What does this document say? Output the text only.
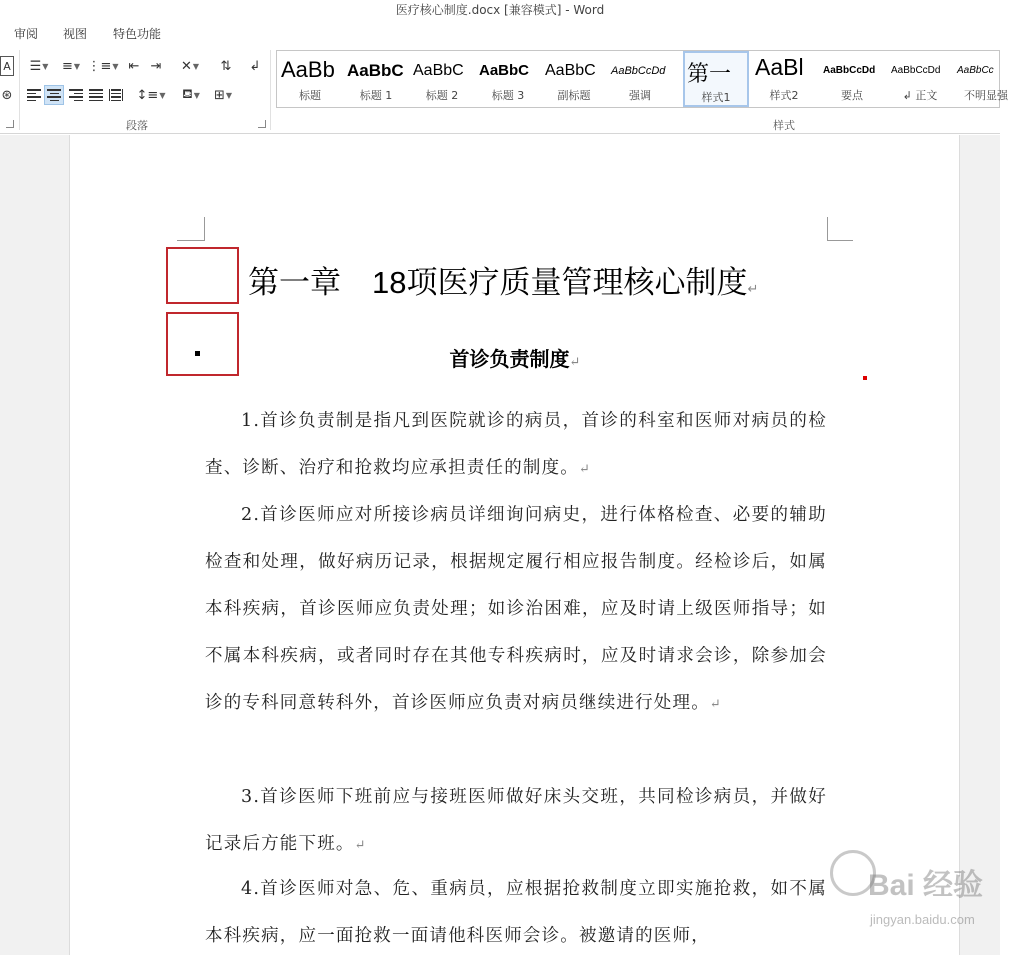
医疗核心制度.docx [兼容模式] - Word
审阅 视图 特色功能
A
⊛
☰ ▼ ≡ ▼ ⋮≡ ▼ ⇤ ⇥ ✕ ▼ ⇅ ↲
↕≡ ▼ ⛾ ▼ ⊞ ▼
段落	样式
AaBb
标题
AaBbC
标题 1
AaBbC
标题 2
AaBbC
标题 3
AaBbC
副标题
AaBbCcDd
强调
第一
样式1
AaBl
样式2
AaBbCcDd
要点
AaBbCcDd
↲ 正文
AaBbCc
不明显强
第一章　18项医疗质量管理核心制度↵
首诊负责制度↵
1.首诊负责制是指凡到医院就诊的病员，首诊的科室和医师对病员的检查、诊断、治疗和抢救均应承担责任的制度。↵
2.首诊医师应对所接诊病员详细询问病史，进行体格检查、必要的辅助检查和处理，做好病历记录，根据规定履行相应报告制度。经检诊后，如属本科疾病，首诊医师应负责处理；如诊治困难，应及时请上级医师指导；如不属本科疾病，或者同时存在其他专科疾病时，应及时请求会诊，除参加会诊的专科同意转科外，首诊医师应负责对病员继续进行处理。↵
3.首诊医师下班前应与接班医师做好床头交班，共同检诊病员，并做好记录后方能下班。↵
4.首诊医师对急、危、重病员，应根据抢救制度立即实施抢救，如不属本科疾病，应一面抢救一面请他科医师会诊。被邀请的医师，
Bai 经验
jingyan.baidu.com
